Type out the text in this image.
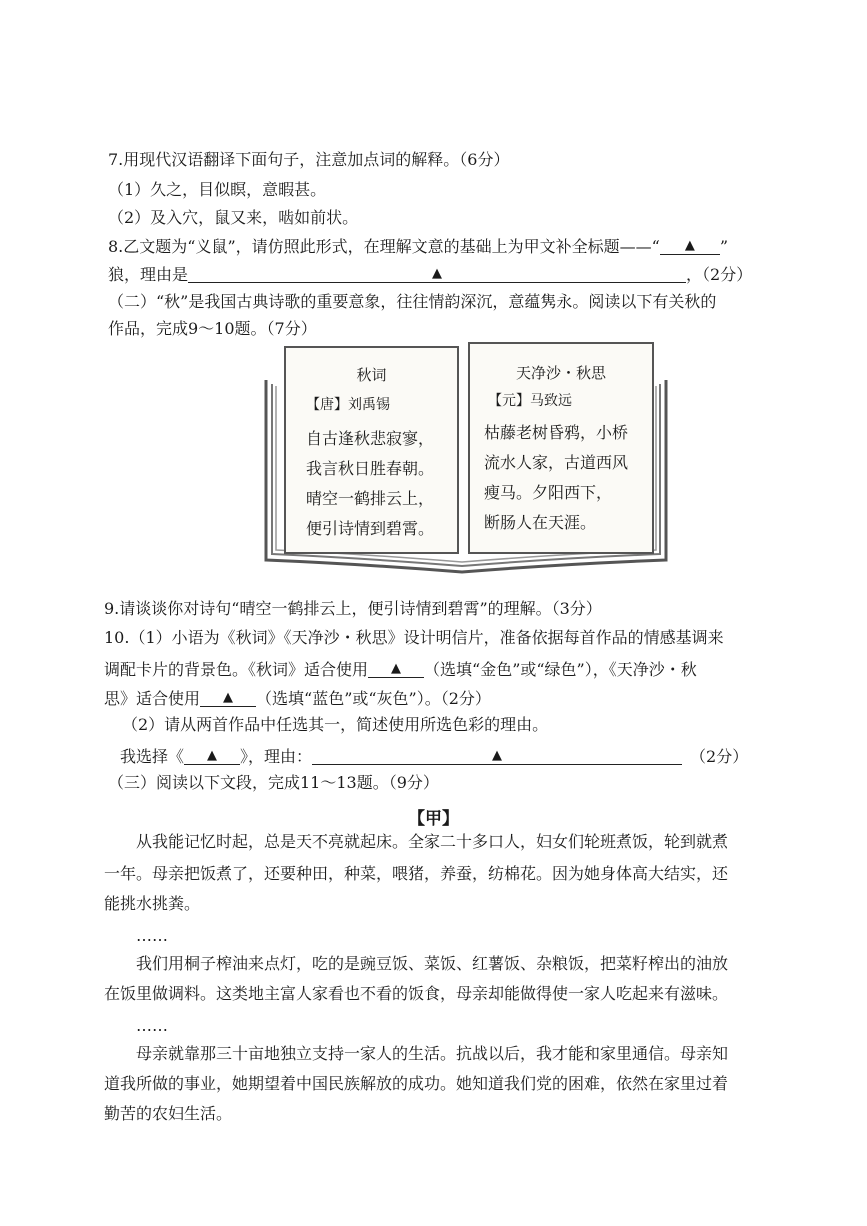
7.用现代汉语翻译下面句子，注意加点词的解释。（6分）
（1）久之，目似瞑，意暇甚。
（2）及入穴，鼠又来，啮如前状。
8.乙文题为“义鼠”，请仿照此形式，在理解文意的基础上为甲文补全标题——“ ▲ ”
狼，理由是	▲	，（2分）
（二）“秋”是我国古典诗歌的重要意象，往往情韵深沉，意蕴隽永。阅读以下有关秋的
作品，完成9～10题。（7分）
秋词
【唐】刘禹锡
自古逢秋悲寂寥，
我言秋日胜春朝。
晴空一鹤排云上，
便引诗情到碧霄。
天净沙・秋思
【元】马致远
枯藤老树昏鸦，小桥
流水人家，古道西风
瘦马。夕阳西下，
断肠人在天涯。
9.请谈谈你对诗句“晴空一鹤排云上，便引诗情到碧霄”的理解。（3分）
10.（1）小语为《秋词》《天净沙・秋思》设计明信片，准备依据每首作品的情感基调来
调配卡片的背景色。《秋词》适合使用 ▲ （选填“金色”或“绿色”），《天净沙・秋
思》适合使用 ▲ （选填“蓝色”或“灰色”）。（2分）
（2）请从两首作品中任选其一，简述使用所选色彩的理由。
我选择《 ▲ 》，理由：	▲	（2分）
（三）阅读以下文段，完成11～13题。（9分）
【甲】
从我能记忆时起，总是天不亮就起床。全家二十多口人，妇女们轮班煮饭，轮到就煮
一年。母亲把饭煮了，还要种田，种菜，喂猪，养蚕，纺棉花。因为她身体高大结实，还
能挑水挑粪。
……
我们用桐子榨油来点灯，吃的是豌豆饭、菜饭、红薯饭、杂粮饭，把菜籽榨出的油放
在饭里做调料。这类地主富人家看也不看的饭食，母亲却能做得使一家人吃起来有滋味。
……
母亲就靠那三十亩地独立支持一家人的生活。抗战以后，我才能和家里通信。母亲知
道我所做的事业，她期望着中国民族解放的成功。她知道我们党的困难，依然在家里过着
勤苦的农妇生活。
